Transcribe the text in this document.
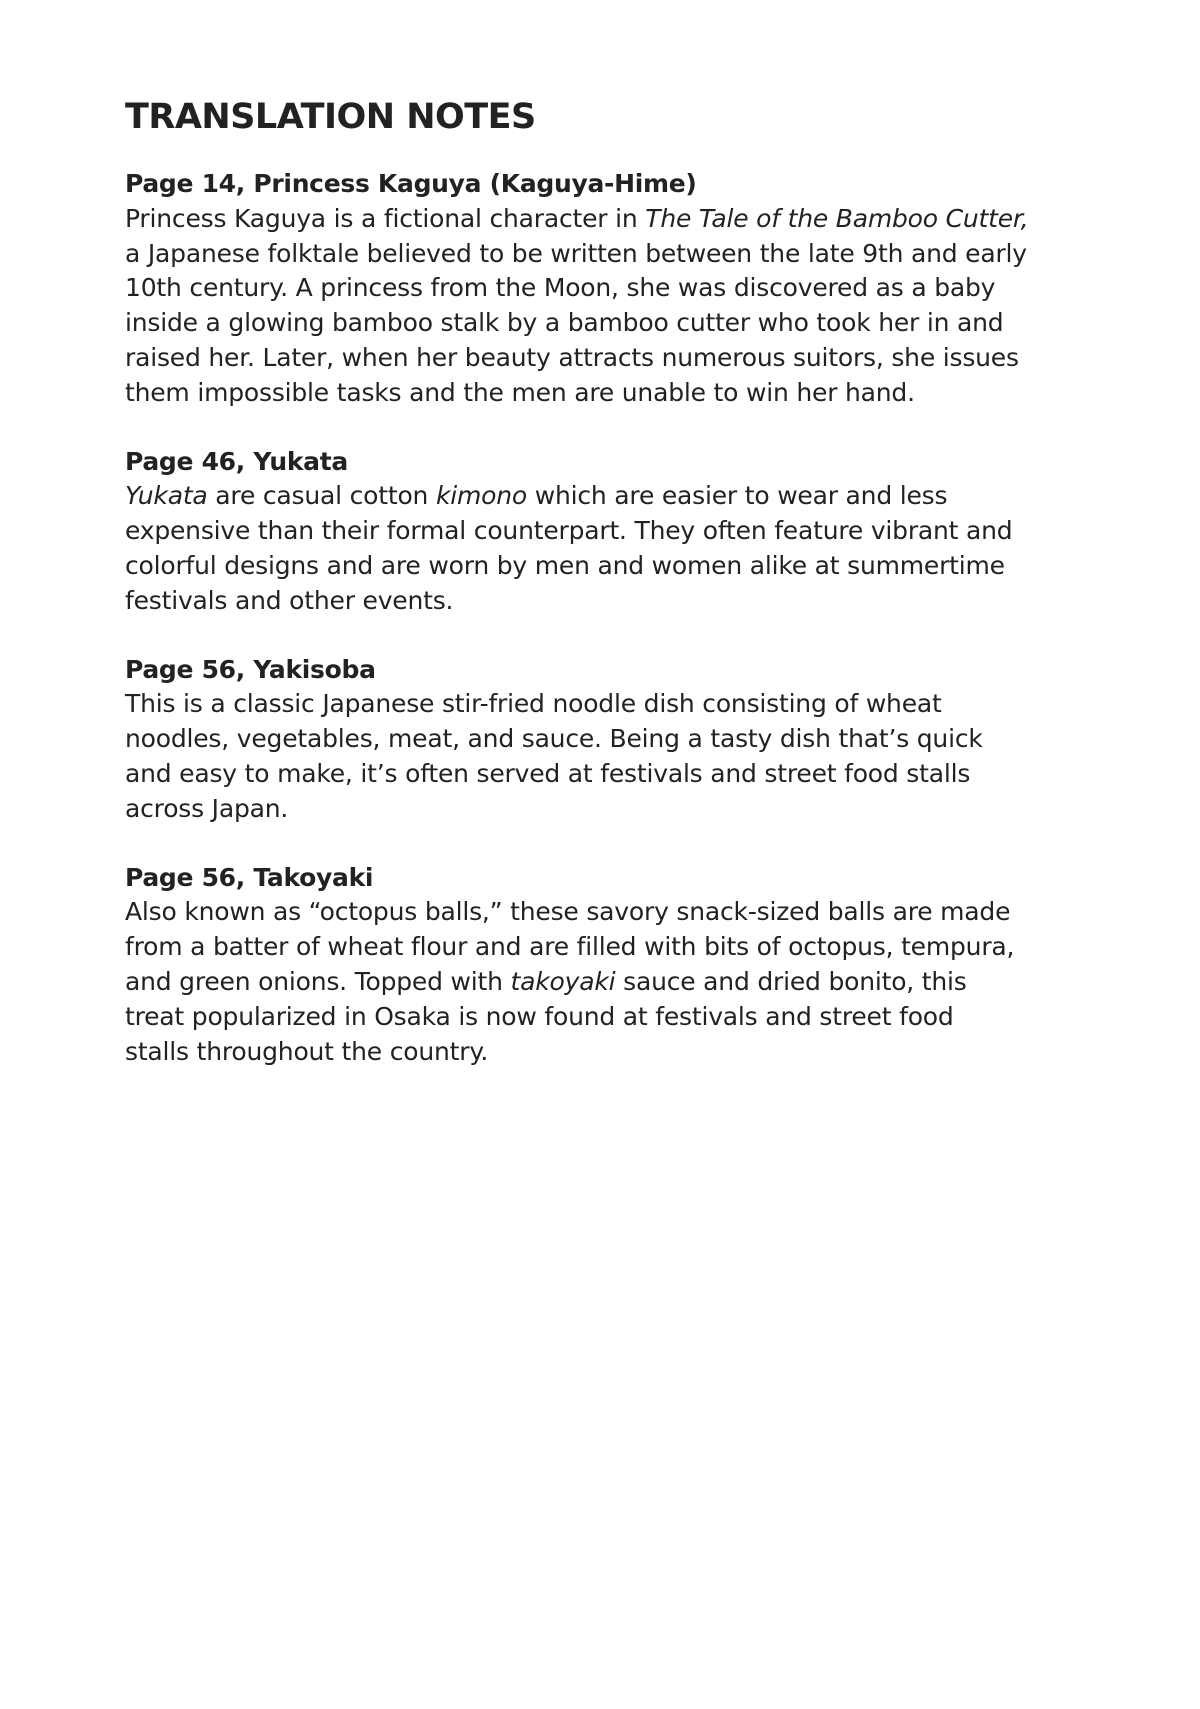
TRANSLATION NOTES
Page 14, Princess Kaguya (Kaguya-Hime)

Princess Kaguya is a fictional character in The Tale of the Bamboo Cutter,
a Japanese folktale believed to be written between the late 9th and early
10th century. A princess from the Moon, she was discovered as a baby
inside a glowing bamboo stalk by a bamboo cutter who took her in and
raised her. Later, when her beauty attracts numerous suitors, she issues
them impossible tasks and the men are unable to win her hand.

Page 46, Yukata

Yukata are casual cotton kimono which are easier to wear and less
expensive than their formal counterpart. They often feature vibrant and
colorful designs and are worn by men and women alike at summertime
festivals and other events.

Page 56, Yakisoba

This is a classic Japanese stir-fried noodle dish consisting of wheat
noodles, vegetables, meat, and sauce. Being a tasty dish that’s quick
and easy to make, it’s often served at festivals and street food stalls
across Japan.

Page 56, Takoyaki

Also known as “octopus balls,” these savory snack-sized balls are made
from a batter of wheat flour and are filled with bits of octopus, tempura,
and green onions. Topped with takoyaki sauce and dried bonito, this
treat popularized in Osaka is now found at festivals and street food
stalls throughout the country.
